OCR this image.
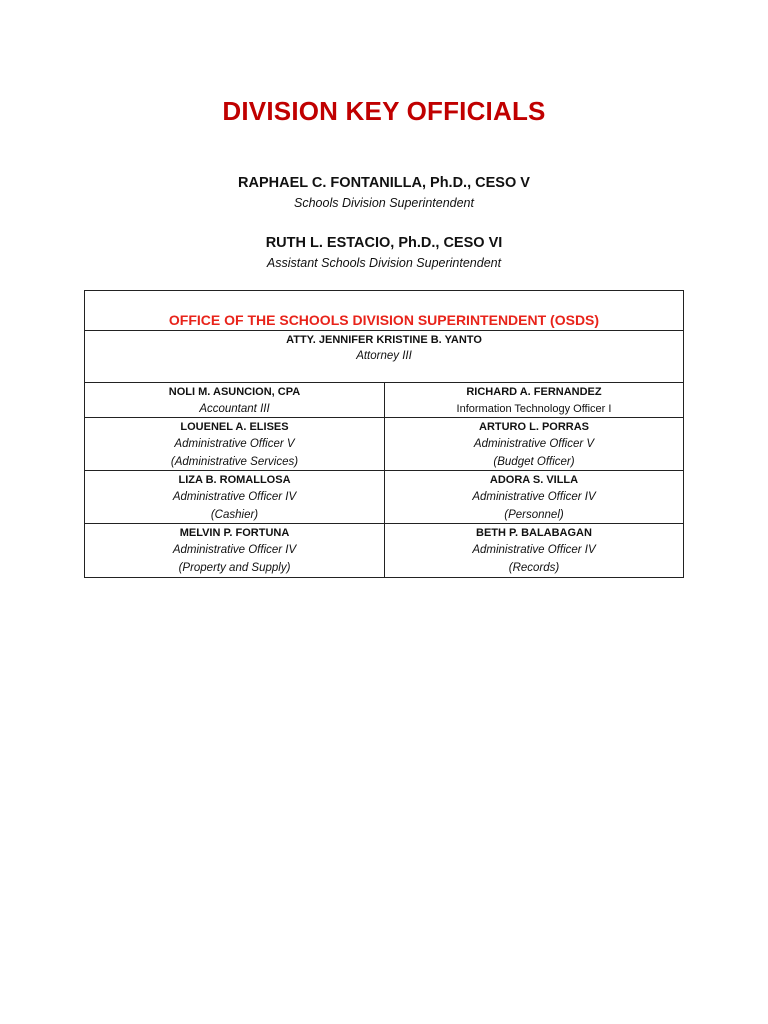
DIVISION KEY OFFICIALS
RAPHAEL C. FONTANILLA, Ph.D., CESO V
Schools Division Superintendent
RUTH L. ESTACIO, Ph.D., CESO VI
Assistant Schools Division Superintendent
OFFICE OF THE SCHOOLS DIVISION SUPERINTENDENT (OSDS)
ATTY. JENNIFER KRISTINE B. YANTO
Attorney III
NOLI M. ASUNCION, CPA
Accountant III
RICHARD A. FERNANDEZ
Information Technology Officer I
LOUENEL A. ELISES
Administrative Officer V
(Administrative Services)
ARTURO L. PORRAS
Administrative Officer V
(Budget Officer)
LIZA B. ROMALLOSA
Administrative Officer IV
(Cashier)
ADORA S. VILLA
Administrative Officer IV
(Personnel)
MELVIN P. FORTUNA
Administrative Officer IV
(Property and Supply)
BETH P. BALABAGAN
Administrative Officer IV
(Records)
